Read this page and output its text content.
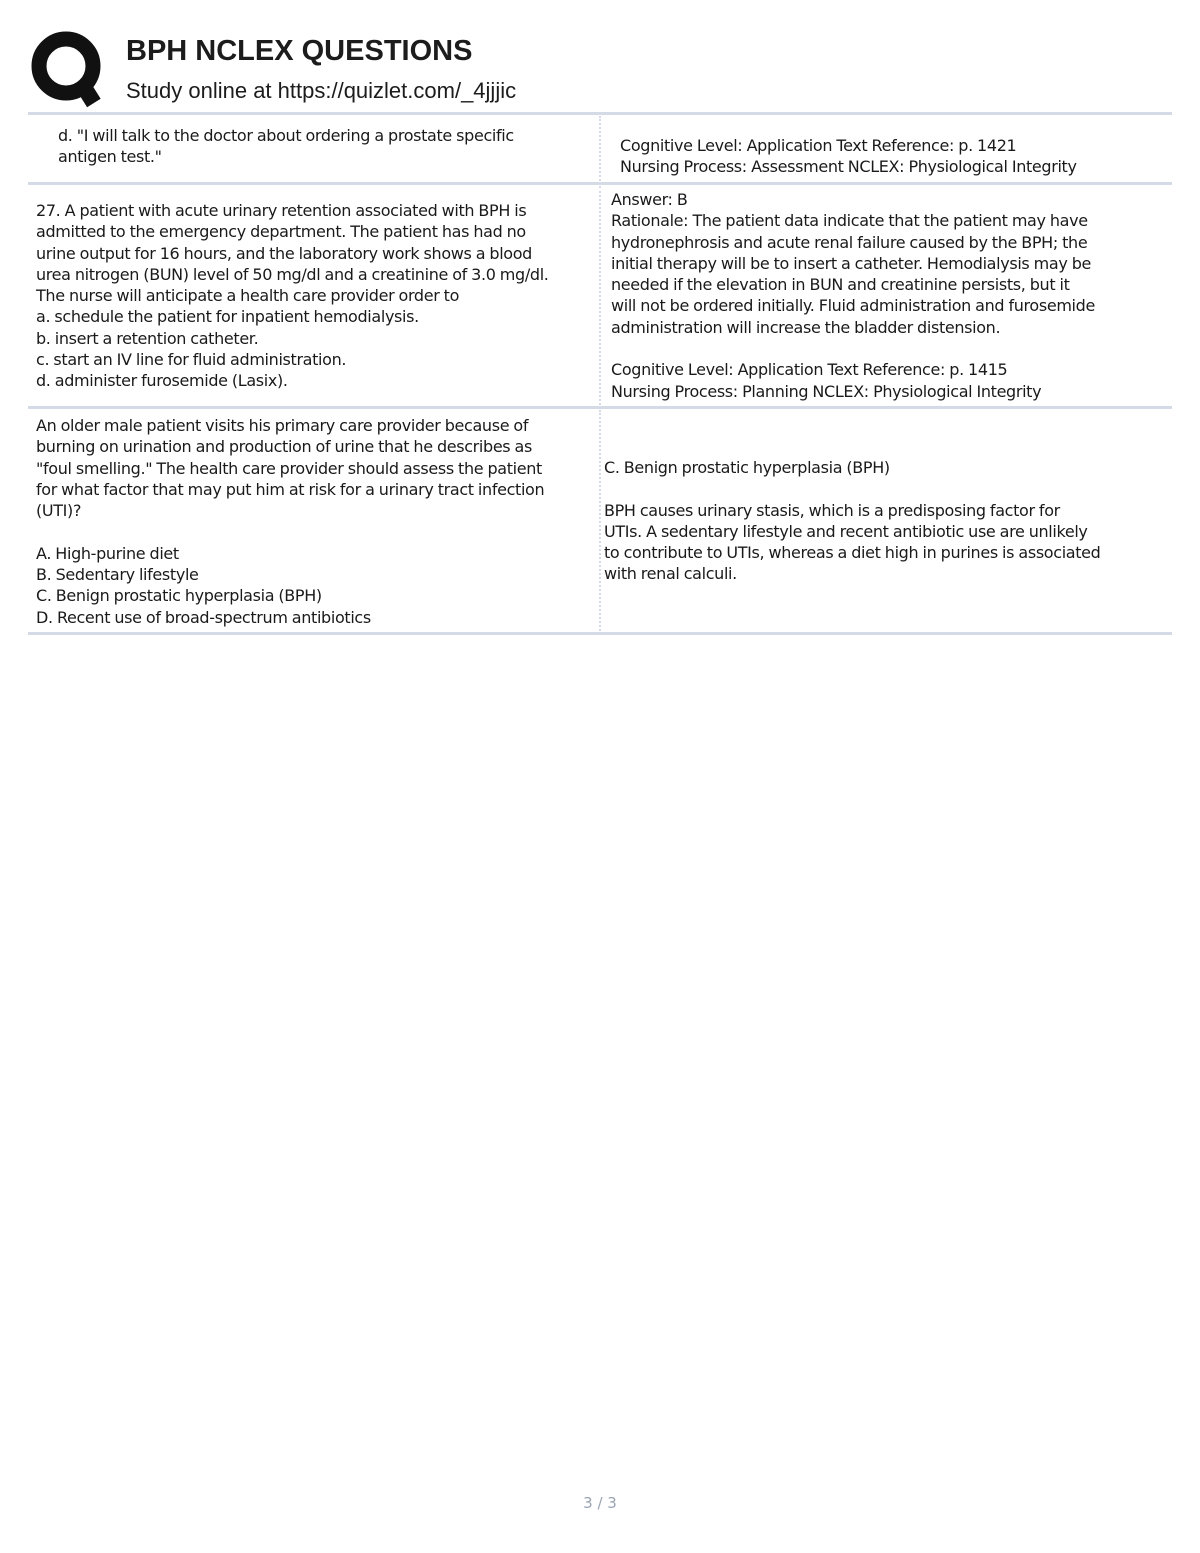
BPH NCLEX QUESTIONS
Study online at https://quizlet.com/_4jjjic
d. "I will talk to the doctor about ordering a prostate specific
antigen test."
Cognitive Level: Application Text Reference: p. 1421
Nursing Process: Assessment NCLEX: Physiological Integrity
27. A patient with acute urinary retention associated with BPH is
admitted to the emergency department. The patient has had no
urine output for 16 hours, and the laboratory work shows a blood
urea nitrogen (BUN) level of 50 mg/dl and a creatinine of 3.0 mg/dl.
The nurse will anticipate a health care provider order to
a. schedule the patient for inpatient hemodialysis.
b. insert a retention catheter.
c. start an IV line for fluid administration.
d. administer furosemide (Lasix).
Answer: B
Rationale: The patient data indicate that the patient may have
hydronephrosis and acute renal failure caused by the BPH; the
initial therapy will be to insert a catheter. Hemodialysis may be
needed if the elevation in BUN and creatinine persists, but it
will not be ordered initially. Fluid administration and furosemide
administration will increase the bladder distension.

Cognitive Level: Application Text Reference: p. 1415
Nursing Process: Planning NCLEX: Physiological Integrity
An older male patient visits his primary care provider because of
burning on urination and production of urine that he describes as
"foul smelling." The health care provider should assess the patient
for what factor that may put him at risk for a urinary tract infection
(UTI)?

A. High-purine diet
B. Sedentary lifestyle
C. Benign prostatic hyperplasia (BPH)
D. Recent use of broad-spectrum antibiotics
C. Benign prostatic hyperplasia (BPH)

BPH causes urinary stasis, which is a predisposing factor for
UTIs. A sedentary lifestyle and recent antibiotic use are unlikely
to contribute to UTIs, whereas a diet high in purines is associated
with renal calculi.
3 / 3
